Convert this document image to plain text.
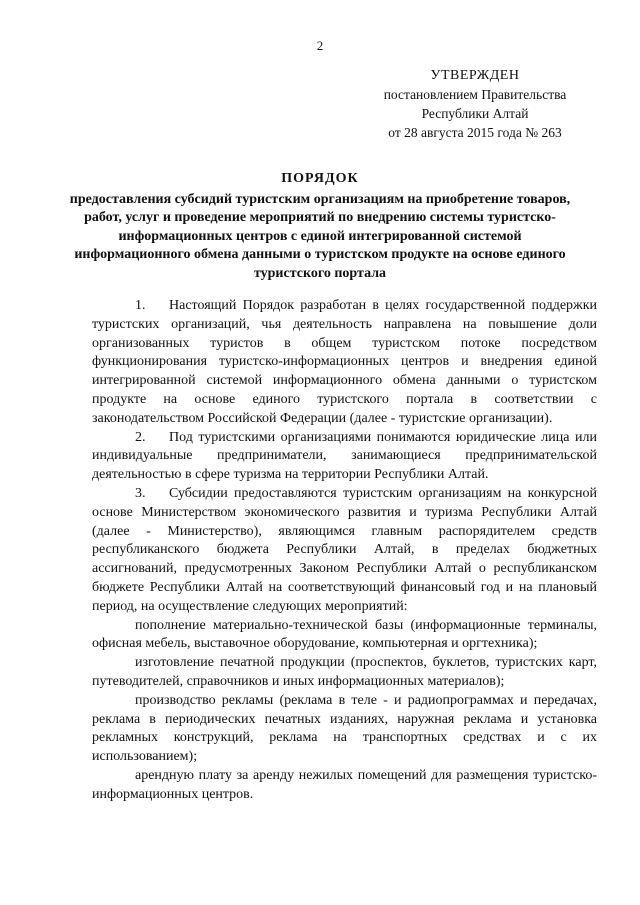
2
УТВЕРЖДЕН
постановлением Правительства
Республики Алтай
от 28 августа 2015 года № 263
ПОРЯДОК
предоставления субсидий туристским организациям на приобретение товаров, работ, услуг и проведение мероприятий по внедрению системы туристско-информационных центров с единой интегрированной системой информационного обмена данными о туристском продукте на основе единого туристского портала

1. Настоящий Порядок разработан в целях государственной поддержки туристских организаций, чья деятельность направлена на повышение доли организованных туристов в общем туристском потоке посредством функционирования туристско-информационных центров и внедрения единой интегрированной системой информационного обмена данными о туристском продукте на основе единого туристского портала в соответствии с законодательством Российской Федерации (далее - туристские организации).

2. Под туристскими организациями понимаются юридические лица или индивидуальные предприниматели, занимающиеся предпринимательской деятельностью в сфере туризма на территории Республики Алтай.

3. Субсидии предоставляются туристским организациям на конкурсной основе Министерством экономического развития и туризма Республики Алтай (далее - Министерство), являющимся главным распорядителем средств республиканского бюджета Республики Алтай, в пределах бюджетных ассигнований, предусмотренных Законом Республики Алтай о республиканском бюджете Республики Алтай на соответствующий финансовый год и на плановый период, на осуществление следующих мероприятий:

пополнение материально-технической базы (информационные терминалы, офисная мебель, выставочное оборудование, компьютерная и оргтехника);

изготовление печатной продукции (проспектов, буклетов, туристских карт, путеводителей, справочников и иных информационных материалов);

производство рекламы (реклама в теле - и радиопрограммах и передачах, реклама в периодических печатных изданиях, наружная реклама и установка рекламных конструкций, реклама на транспортных средствах и с их использованием);

арендную плату за аренду нежилых помещений для размещения туристско-информационных центров.
